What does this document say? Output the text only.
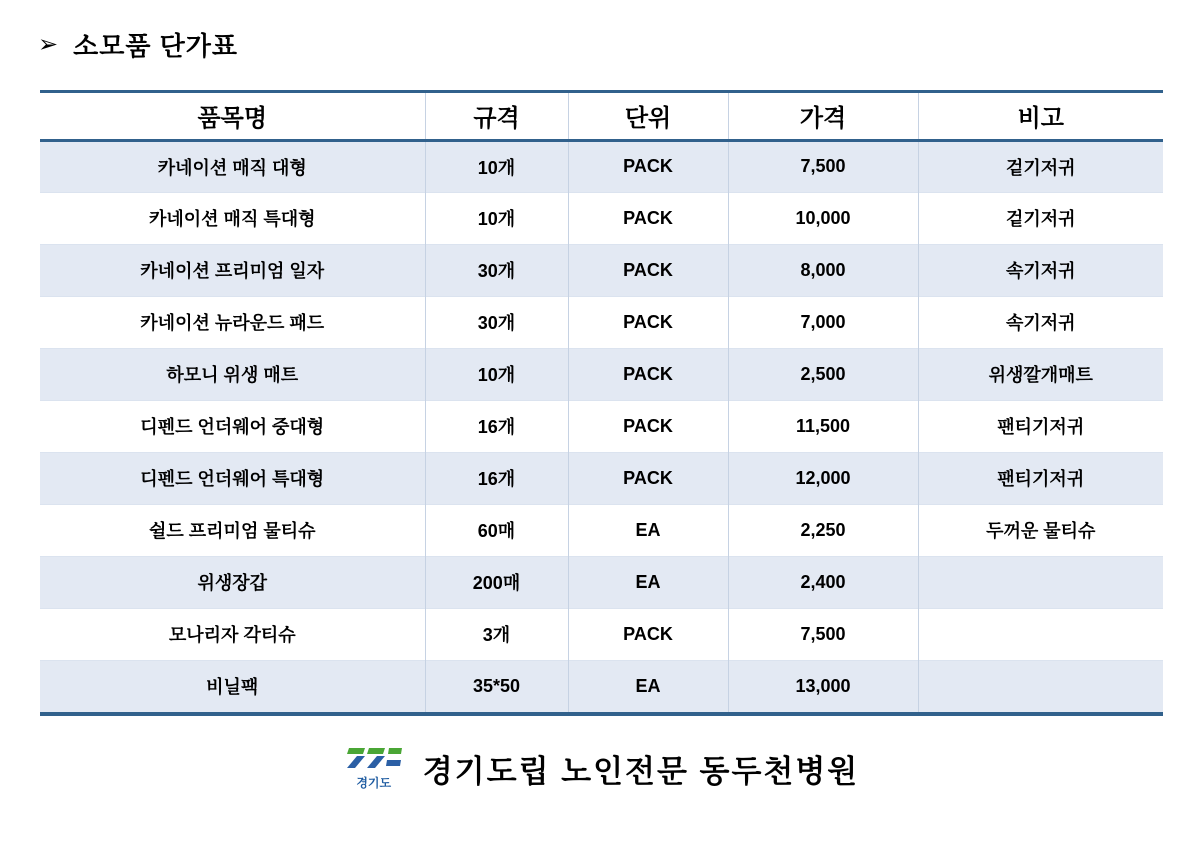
➢ 소모품 단가표
품목명	규격	단위	가격	비고
카네이션 매직 대형	10개	PACK	7,500	겉기저귀
카네이션 매직 특대형	10개	PACK	10,000	겉기저귀
카네이션 프리미엄 일자	30개	PACK	8,000	속기저귀
카네이션 뉴라운드 패드	30개	PACK	7,000	속기저귀
하모니 위생 매트	10개	PACK	2,500	위생깔개매트
디펜드 언더웨어 중대형	16개	PACK	11,500	팬티기저귀
디펜드 언더웨어 특대형	16개	PACK	12,000	팬티기저귀
쉴드 프리미엄 물티슈	60매	EA	2,250	두꺼운 물티슈
위생장갑	200매	EA	2,400	
모나리자 각티슈	3개	PACK	7,500	
비닐팩	35*50	EA	13,000	
경기도 경기도립 노인전문 동두천병원
